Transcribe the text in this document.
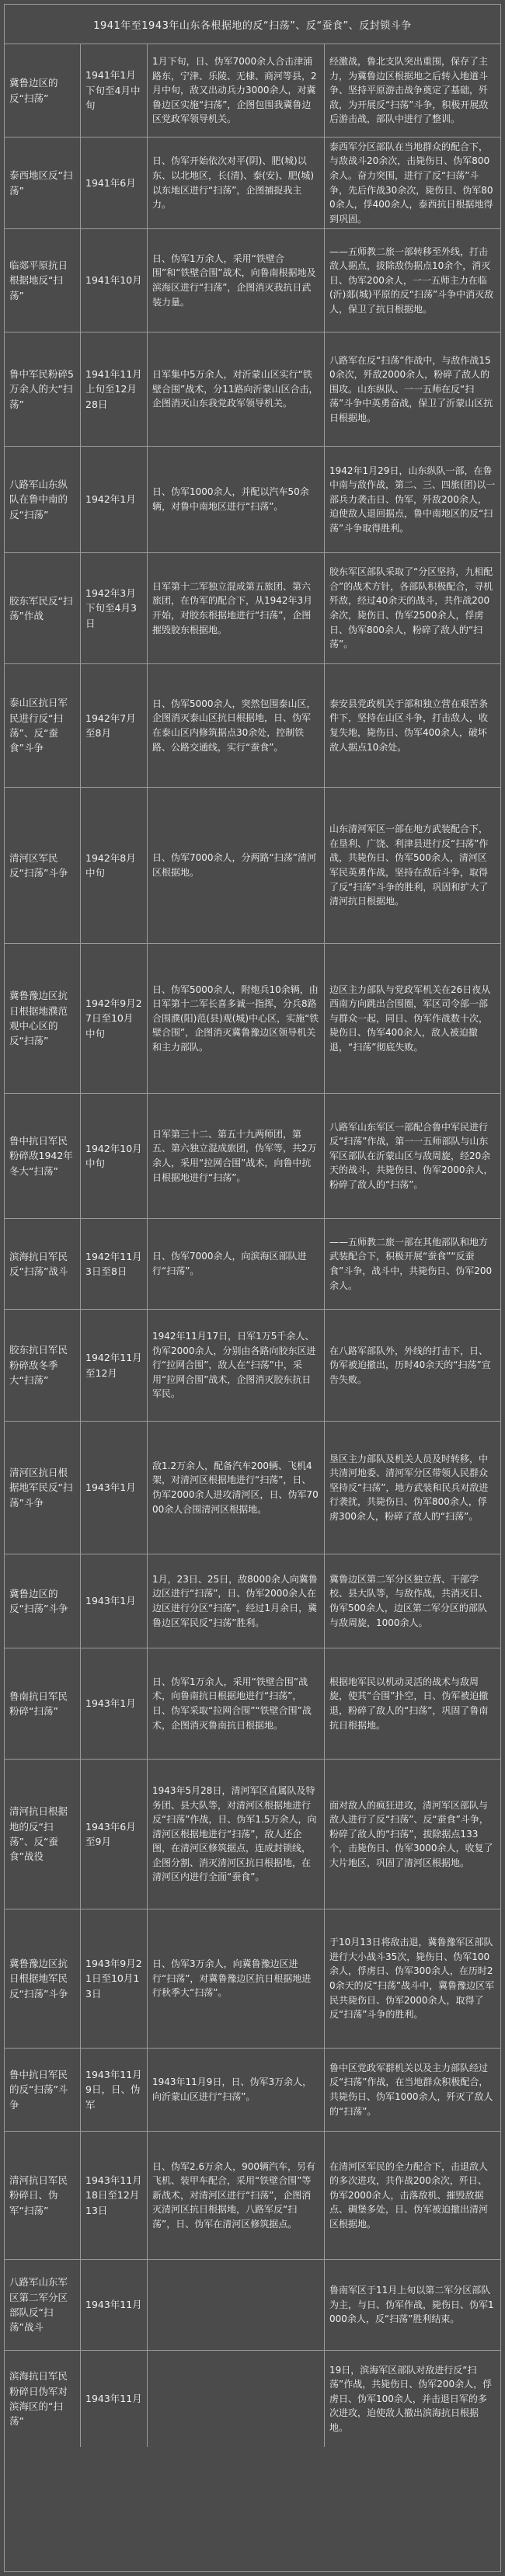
1941年至1943年山东各根据地的反“扫荡”、反“蚕食”、反封锁斗争
冀鲁边区的反“扫荡”
1941年1月下旬至4月中旬
1月下旬，日、伪军7000余人合击津浦路东，宁津、乐陵、无棣、商河等县，2月中旬，敌又出动兵力3000余人，对冀鲁边区实施“扫荡”，企图包围我冀鲁边区党政军领导机关。
经激战，鲁北支队突出重围，保存了主力，为冀鲁边区根据地之后转入地道斗争、坚持平原游击战争奠定了基础，歼敌，为开展反“扫荡”斗争，积极开展敌后游击战，部队中进行了整训。
泰西地区反“扫荡”
1941年6月
日、伪军开始依次对平(阴)、肥(城)以东、以北地区，长(清)、泰(安)、肥(城)以东地区进行“扫荡”，企图捕捉我主力。
泰西军分区部队在当地群众的配合下，与敌战斗20余次，击毙伤日、伪军800余人。奋力突围，进行了反“扫荡”斗争，先后作战30余次，毙伤日、伪军800余人，俘400余人，泰西抗日根据地得到巩固。
临郯平原抗日根据地反“扫荡”
1941年10月
日、伪军1万余人，采用“铁壁合围”和“铁壁合围”战术，向鲁南根据地及滨海区进行“扫荡”，企图消灭我抗日武装力量。
——五师教二旅一部转移至外线，打击敌人据点，拔除敌伪据点10余个，消灭日、伪军200余人，一一五师主力在临(沂)郯(城)平原的反“扫荡”斗争中消灭敌人，保卫了抗日根据地。
鲁中军民粉碎5万余人的大“扫荡”
1941年11月上旬至12月28日
日军集中5万余人，对沂蒙山区实行“铁壁合围”战术，分11路向沂蒙山区合击，企图消灭山东我党政军领导机关。
八路军在反“扫荡”作战中，与敌作战150余次，歼敌2000余人，粉碎了敌人的围攻。山东纵队、一一五师在反“扫荡”斗争中英勇奋战，保卫了沂蒙山区抗日根据地。
八路军山东纵队在鲁中南的反“扫荡”
1942年1月
日、伪军1000余人，并配以汽车50余辆，对鲁中南地区进行“扫荡”。
1942年1月29日，山东纵队一部，在鲁中南与敌作战，第二、三、四旅(团)以一部兵力袭击日、伪军，歼敌200余人，迫使敌人退回据点，鲁中南地区的反“扫荡”斗争取得胜利。
胶东军民反“扫荡”作战
1942年3月下旬至4月3日
日军第十二军独立混成第五旅团、第六旅团，在伪军的配合下，从1942年3月开始，对胶东根据地进行“扫荡”，企图摧毁胶东根据地。
胶东军区部队采取了“分区坚持，九相配合”的战术方针，各部队积极配合，寻机歼敌，经过40余天的战斗，共作战200余次，毙伤日、伪军2500余人，俘虏日、伪军800余人，粉碎了敌人的“扫荡”。
泰山区抗日军民进行反“扫荡”、反“蚕食”斗争
1942年7月至8月
日、伪军5000余人，突然包围泰山区，企图消灭泰山区抗日根据地，日、伪军在泰山区内修筑据点30余处，控制铁路、公路交通线，实行“蚕食”。
泰安县党政机关于部和独立营在艰苦条件下，坚持在山区斗争，打击敌人，收复失地，毙伤日、伪军400余人，破坏敌人据点10余处。
清河区军民反“扫荡”斗争
1942年8月中旬
日、伪军7000余人，分两路“扫荡”清河区根据地。
山东清河军区一部在地方武装配合下，在垦利、广饶、利津县进行反“扫荡”作战，共毙伤日、伪军500余人，清河区军民英勇作战，坚持在敌后斗争，取得了反“扫荡”斗争的胜利，巩固和扩大了清河抗日根据地。
冀鲁豫边区抗日根据地濮范观中心区的反“扫荡”
1942年9月27日至10月中旬
日、伪军5000余人，附炮兵10余辆，由日军第十二军长喜多诚一指挥，分兵8路合围濮(阳)范(县)观(城)中心区，实施“铁壁合围”，企图消灭冀鲁豫边区领导机关和主力部队。
边区主力部队与党政军机关在26日夜从西南方向跳出合围圈，军区司令部一部与群众一起，同日、伪军作战数十次，毙伤日、伪军400余人，敌人被迫撤退，“扫荡”彻底失败。
鲁中抗日军民粉碎敌1942年冬大“扫荡”
1942年10月中旬
日军第三十二、第五十九两师团，第五、第六独立混成旅团，伪军等，共2万余人，采用“拉网合围”战术，向鲁中抗日根据地进行“扫荡”。
八路军山东军区一部配合鲁中军民进行反“扫荡”作战，第一一五师部队与山东军区部队在沂蒙山区与敌周旋，经20余天的战斗，共毙伤日、伪军2000余人，粉碎了敌人的“扫荡”。
滨海抗日军民反“扫荡”战斗
1942年11月3日至8日
日、伪军7000余人，向滨海区部队进行“扫荡”。
——五师教二旅一部在其他部队和地方武装配合下，积极开展“蚕食”“反蚕食”斗争，战斗中，共毙伤日、伪军200余人。
胶东抗日军民粉碎敌冬季大“扫荡”
1942年11月至12月
1942年11月17日，日军1万5千余人、伪军2000余人，分别由各路向胶东区进行“拉网合围”，敌人在“扫荡”中，采用“拉网合围”战术，企图消灭胶东抗日军民。
在八路军部队外，外线的打击下，日、伪军被迫撤出，历时40余天的“扫荡”宣告失败。
清河区抗日根据地军民反“扫荡”斗争
1943年1月
敌1.2万余人，配备汽车200辆、飞机4架，对清河区根据地进行“扫荡”，日、伪军2000余人进攻清河区，日、伪军7000余人合围清河区根据地。
垦区主力部队及机关人员及时转移，中共清河地委、清河军分区带领人民群众坚持反“扫荡”，地方武装和民兵对敌进行袭扰，共毙伤日、伪军800余人，俘虏300余人，粉碎了敌人的“扫荡”。
冀鲁边区的反“扫荡”斗争
1943年1月
1月，23日、25日，敌8000余人向冀鲁边区进行“扫荡”，日、伪军2000余人在边区进行分区“扫荡”，经过1月余日，冀鲁边区军民反“扫荡”胜利。
冀鲁边区第二军分区独立营、干部学校、县大队等，与敌作战，共消灭日、伪军500余人，边区第二军分区的部队与敌周旋，1000余人。
鲁南抗日军民粉碎“扫荡”
1943年1月
日、伪军1万余人，采用“铁壁合围”战术，向鲁南抗日根据地进行“扫荡”，日、伪军采取“拉网合围”“铁壁合围”战术，企图消灭鲁南抗日根据地。
根据地军民以机动灵活的战术与敌周旋，使其“合围”扑空，日、伪军被迫撤退，粉碎了敌人的“扫荡”，巩固了鲁南抗日根据地。
清河抗日根据地的反“扫荡”、反“蚕食”战役
1943年6月至9月
1943年5月28日，清河军区直属队及特务团、县大队等，对清河区根据地进行反“扫荡”作战，日、伪军1.5万余人，向清河区根据地进行“扫荡”，敌人还企图，在清河区修筑据点，连成封锁线，企图分割、消灭清河区抗日根据地，在清河区内进行全面“蚕食”。
面对敌人的疯狂进攻，清河军区部队与敌人进行了反“扫荡”、反“蚕食”斗争，粉碎了敌人的“扫荡”，拔除据点133个，击毙伤日、伪军3000余人，收复了大片地区，巩固了清河区根据地。
冀鲁豫边区抗日根据地军民反“扫荡”斗争
1943年9月21日至10月13日
日、伪军3万余人，向冀鲁豫边区进行“扫荡”，对冀鲁豫边区抗日根据地进行秋季大“扫荡”。
于10月13日将敌击退，冀鲁豫军区部队进行大小战斗35次，毙伤日、伪军100余人，俘虏日、伪军300余人，在历时20余天的反“扫荡”战斗中，冀鲁豫边区军民共毙伤日、伪军2000余人，取得了反“扫荡”斗争的胜利。
鲁中抗日军民的反“扫荡”斗争
1943年11月9日，日、伪军
1943年11月9日，日、伪军3万余人，向沂蒙山区进行“扫荡”。
鲁中区党政军群机关以及主力部队经过反“扫荡”作战，在当地群众积极配合，共毙伤日、伪军1000余人，歼灭了敌人的“扫荡”。
清河抗日军民粉碎日、伪军“扫荡”
1943年11月18日至12月13日
日、伪军2.6万余人，900辆汽车，另有飞机、装甲车配合，采用“铁壁合围”等新战术，对清河区进行“扫荡”，企图消灭清河区抗日根据地，八路军反“扫荡”，日、伪军在清河区修筑据点。
在清河区军民的全力配合下，击退敌人的多次进攻，共作战200余次，歼日、伪军2000余人，击落敌机、摧毁敌据点、碉堡多处，日、伪军被迫撤出清河区根据地。
八路军山东军区第二军分区部队反“扫荡”战斗
1943年11月
鲁南军区于11月上旬以第二军分区部队为主，与日、伪军作战，毙伤日、伪军1000余人，反“扫荡”胜利结束。
滨海抗日军民粉碎日伪军对滨海区的“扫荡”
1943年11月
19日，滨海军区部队对敌进行反“扫荡”作战，共毙伤日、伪军200余人，俘虏日、伪军100余人，并击退日军的多次进攻，迫使敌人撤出滨海抗日根据地。
